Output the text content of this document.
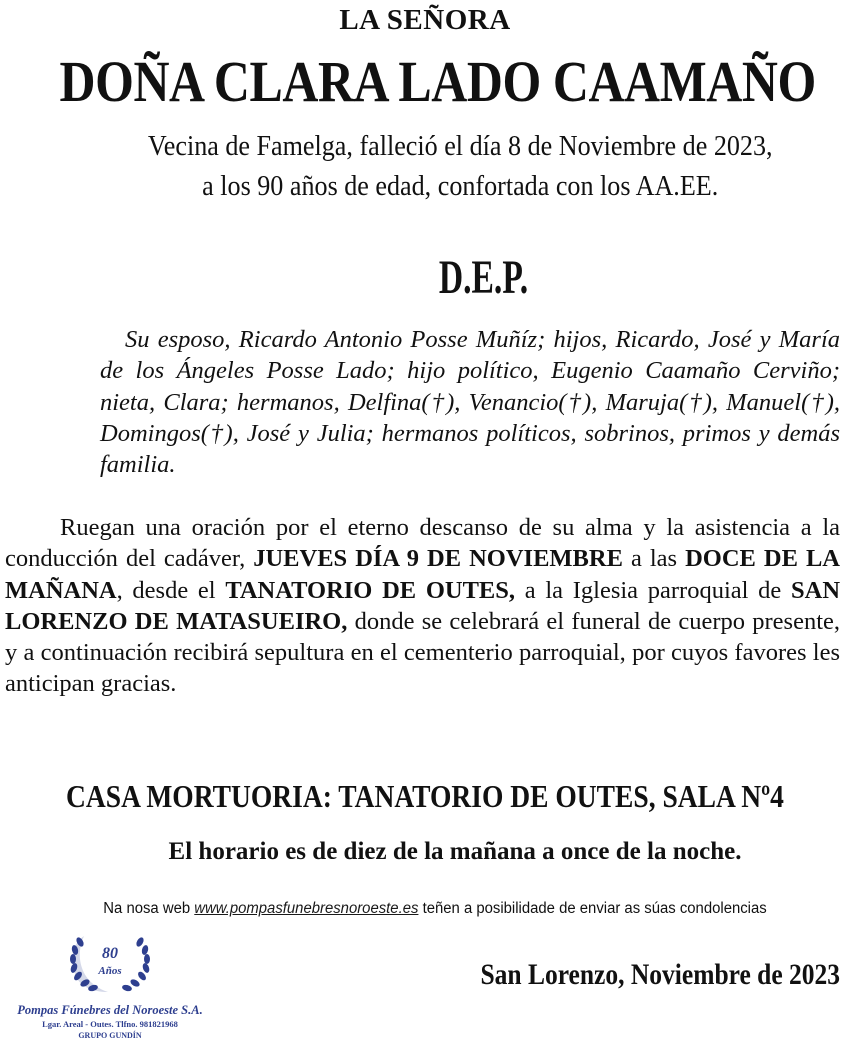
LA SEÑORA
DOÑA CLARA LADO CAAMAÑO
Vecina de Famelga, falleció el día 8 de Noviembre de 2023,
a los 90 años de edad, confortada con los AA.EE.
D.E.P.
Su esposo, Ricardo Antonio Posse Muñíz; hijos, Ricardo, José y María de los Ángeles Posse Lado; hijo político, Eugenio Caamaño Cerviño; nieta, Clara; hermanos, Delfina(†), Venancio(†), Maruja(†), Manuel(†), Domingos(†), José y Julia; hermanos políticos, sobrinos, primos y demás familia.
Ruegan una oración por el eterno descanso de su alma y la asistencia a la conducción del cadáver, JUEVES DÍA 9 DE NOVIEMBRE a las DOCE DE LA MAÑANA, desde el TANATORIO DE OUTES, a la Iglesia parroquial de SAN LORENZO DE MATASUEIRO, donde se celebrará el funeral de cuerpo presente, y a continuación recibirá sepultura en el cementerio parroquial, por cuyos favores les anticipan gracias.
CASA MORTUORIA: TANATORIO DE OUTES, SALA Nº4
El horario es de diez de la mañana a once de la noche.
Na nosa web www.pompasfunebresnoroeste.es teñen a posibilidade de enviar as súas condolencias
San Lorenzo, Noviembre de 2023
80
Años
Pompas Fúnebres del Noroeste S.A.
Lgar. Areal - Outes. Tlfno. 981821968
GRUPO GUNDÍN
